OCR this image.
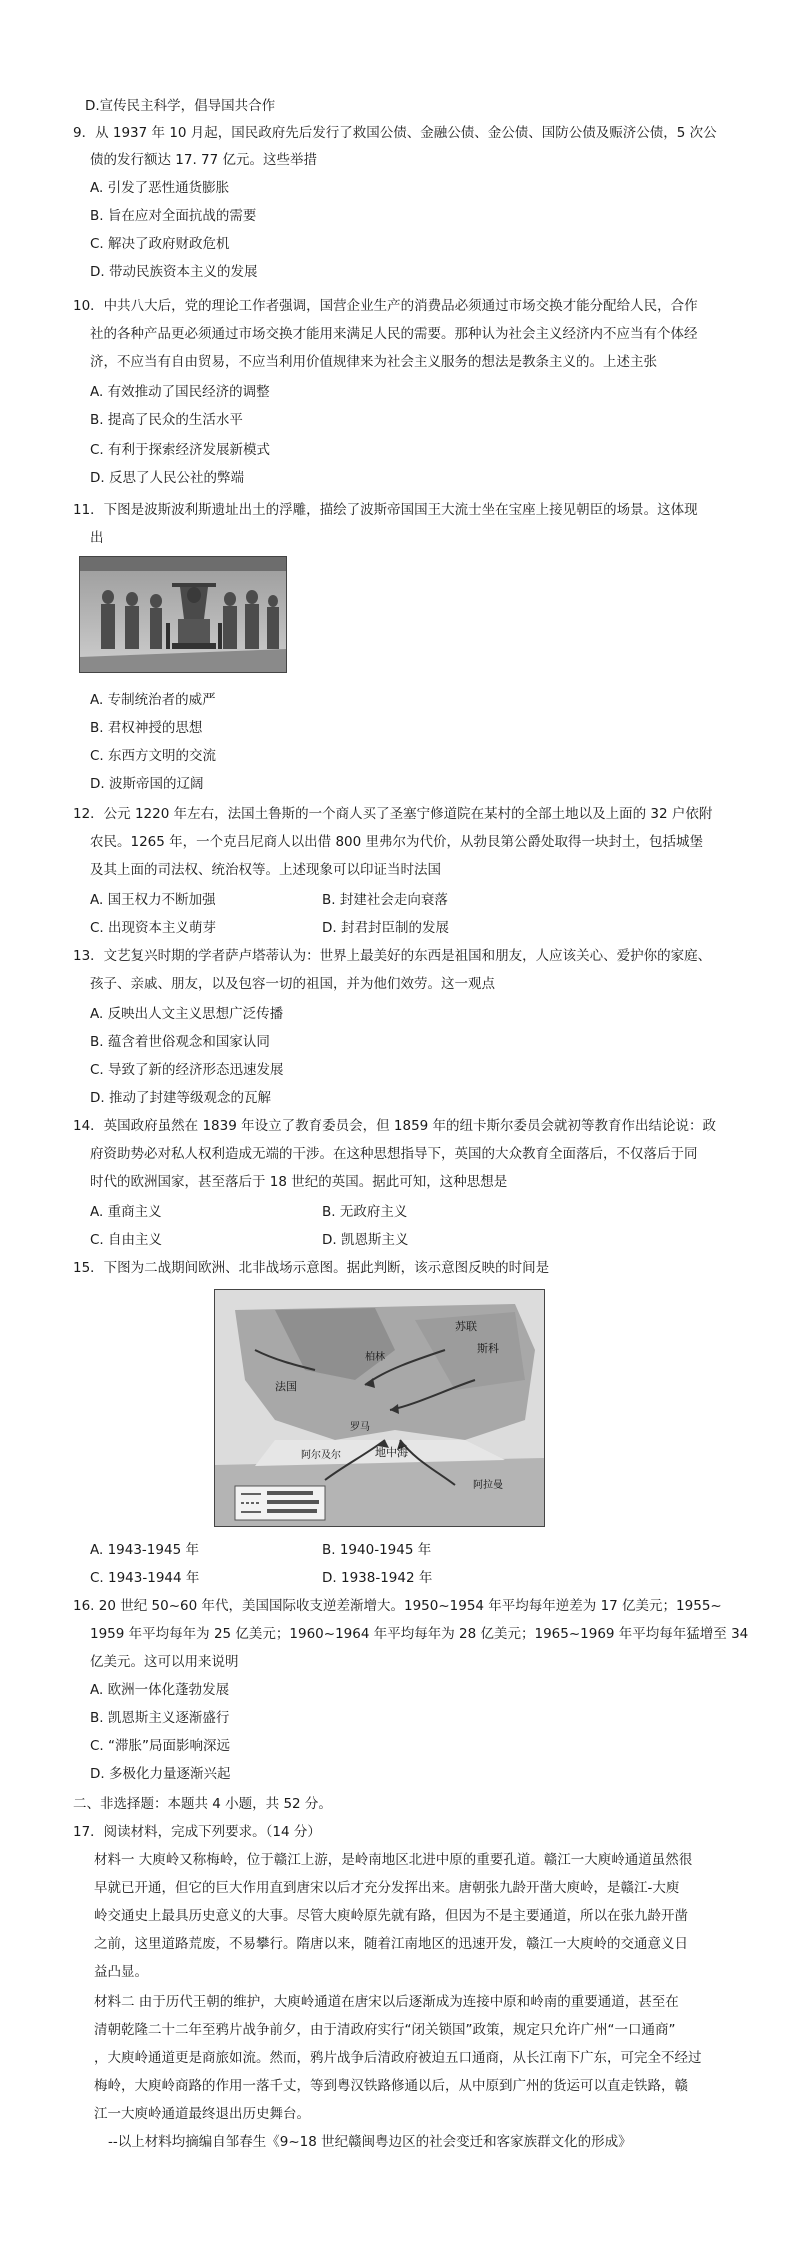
D.宣传民主科学，倡导国共合作
9．从 1937 年 10 月起，国民政府先后发行了救国公债、金融公债、金公债、国防公债及赈济公债，5 次公
债的发行额达 17. 77 亿元。这些举措
A. 引发了恶性通货膨胀
B. 旨在应对全面抗战的需要
C. 解决了政府财政危机
D. 带动民族资本主义的发展
10．中共八大后，党的理论工作者强调，国营企业生产的消费品必须通过市场交换才能分配给人民，合作
社的各种产品更必须通过市场交换才能用来满足人民的需要。那种认为社会主义经济内不应当有个体经
济，不应当有自由贸易，不应当利用价值规律来为社会主义服务的想法是教条主义的。上述主张
A. 有效推动了国民经济的调整
B. 提高了民众的生活水平
C. 有利于探索经济发展新模式
D. 反思了人民公社的弊端
11．下图是波斯波利斯遗址出土的浮雕，描绘了波斯帝国国王大流士坐在宝座上接见朝臣的场景。这体现
出
A. 专制统治者的威严
B. 君权神授的思想
C. 东西方文明的交流
D. 波斯帝国的辽阔
12．公元 1220 年左右，法国土鲁斯的一个商人买了圣塞宁修道院在某村的全部土地以及上面的 32 户依附
农民。1265 年，一个克吕尼商人以出借 800 里弗尔为代价，从勃艮第公爵处取得一块封土，包括城堡
及其上面的司法权、统治权等。上述现象可以印证当时法国
A. 国王权力不断加强	B. 封建社会走向衰落
C. 出现资本主义萌芽	D. 封君封臣制的发展
13．文艺复兴时期的学者萨卢塔蒂认为：世界上最美好的东西是祖国和朋友，人应该关心、爱护你的家庭、
孩子、亲戚、朋友，以及包容一切的祖国，并为他们效劳。这一观点
A. 反映出人文主义思想广泛传播
B. 蕴含着世俗观念和国家认同
C. 导致了新的经济形态迅速发展
D. 推动了封建等级观念的瓦解
14．英国政府虽然在 1839 年设立了教育委员会，但 1859 年的纽卡斯尔委员会就初等教育作出结论说：政
府资助势必对私人权利造成无端的干涉。在这种思想指导下，英国的大众教育全面落后，不仅落后于同
时代的欧洲国家，甚至落后于 18 世纪的英国。据此可知，这种思想是
A. 重商主义	B. 无政府主义
C. 自由主义	D. 凯恩斯主义
15．下图为二战期间欧洲、北非战场示意图。据此判断，该示意图反映的时间是
苏联
斯科
法国
罗马
柏林
地中海
阿尔及尔
阿拉曼
A. 1943-1945 年	B. 1940-1945 年
C. 1943-1944 年	D. 1938-1942 年
16. 20 世纪 50~60 年代，美国国际收支逆差渐增大。1950~1954 年平均每年逆差为 17 亿美元；1955~
1959 年平均每年为 25 亿美元；1960~1964 年平均每年为 28 亿美元；1965~1969 年平均每年猛增至 34
亿美元。这可以用来说明
A. 欧洲一体化蓬勃发展
B. 凯恩斯主义逐渐盛行
C. “滞胀”局面影响深远
D. 多极化力量逐渐兴起
二、非选择题：本题共 4 小题，共 52 分。
17．阅读材料，完成下列要求。（14 分）
材料一 大庾岭又称梅岭，位于赣江上游，是岭南地区北进中原的重要孔道。赣江一大庾岭通道虽然很
早就已开通，但它的巨大作用直到唐宋以后才充分发挥出来。唐朝张九龄开凿大庾岭，是赣江-大庾
岭交通史上最具历史意义的大事。尽管大庾岭原先就有路，但因为不是主要通道，所以在张九龄开凿
之前，这里道路荒废，不易攀行。隋唐以来，随着江南地区的迅速开发，赣江一大庾岭的交通意义日
益凸显。
材料二 由于历代王朝的维护，大庾岭通道在唐宋以后逐渐成为连接中原和岭南的重要通道，甚至在
清朝乾隆二十二年至鸦片战争前夕，由于清政府实行“闭关锁国”政策，规定只允许广州“一口通商”
，大庾岭通道更是商旅如流。然而，鸦片战争后清政府被迫五口通商，从长江南下广东，可完全不经过
梅岭，大庾岭商路的作用一落千丈，等到粤汉铁路修通以后，从中原到广州的货运可以直走铁路，赣
江一大庾岭通道最终退出历史舞台。
--以上材料均摘编自邹春生《9~18 世纪赣闽粤边区的社会变迁和客家族群文化的形成》
